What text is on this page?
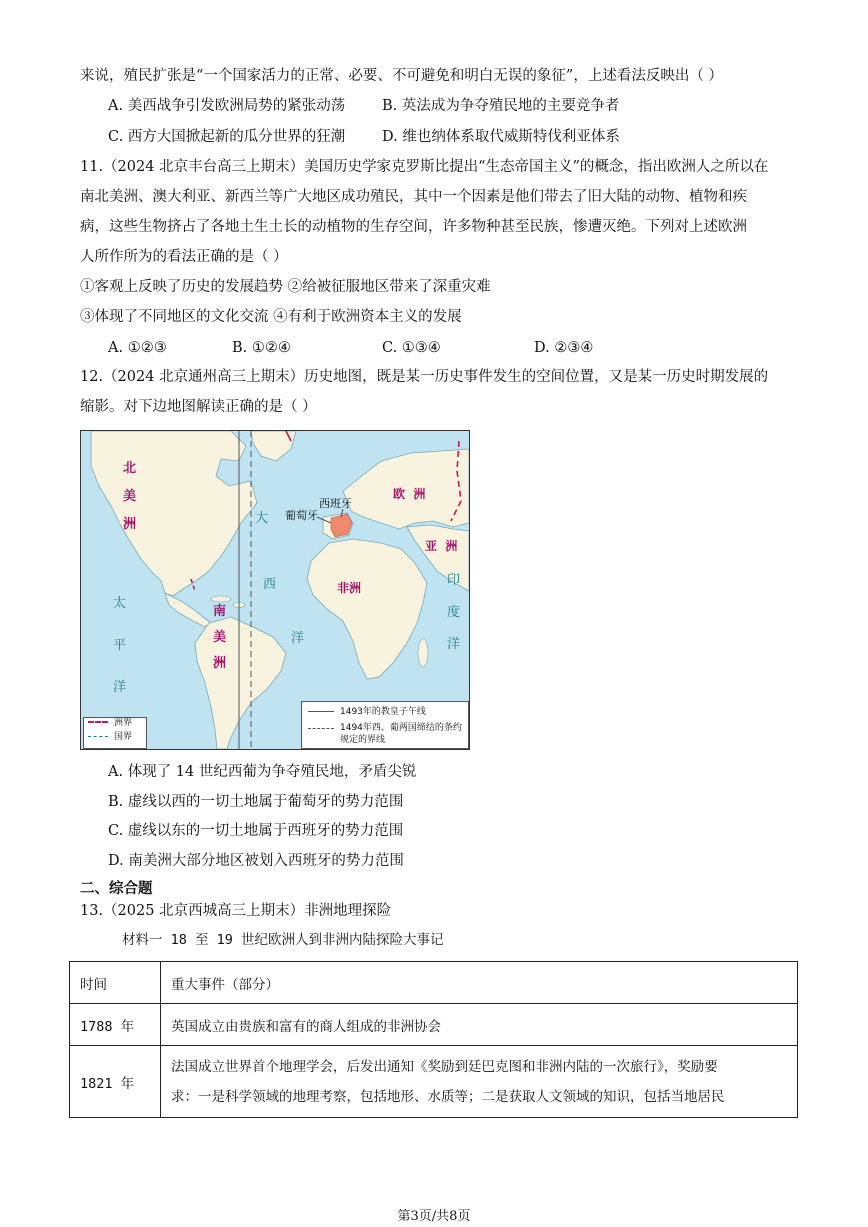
来说，殖民扩张是“一个国家活力的正常、必要、不可避免和明白无误的象征”，上述看法反映出（ ）
A. 美西战争引发欧洲局势的紧张动荡	B. 英法成为争夺殖民地的主要竞争者
C. 西方大国掀起新的瓜分世界的狂潮	D. 维也纳体系取代威斯特伐利亚体系
11.（2024 北京丰台高三上期末）美国历史学家克罗斯比提出“生态帝国主义”的概念，指出欧洲人之所以在
南北美洲、澳大利亚、新西兰等广大地区成功殖民，其中一个因素是他们带去了旧大陆的动物、植物和疾
病，这些生物挤占了各地土生土长的动植物的生存空间，许多物种甚至民族，惨遭灭绝。下列对上述欧洲
人所作所为的看法正确的是（ ）
①客观上反映了历史的发展趋势 ②给被征服地区带来了深重灾难
③体现了不同地区的文化交流 ④有利于欧洲资本主义的发展
A. ①②③	B. ①②④	C. ①③④	D. ②③④
12.（2024 北京通州高三上期末）历史地图，既是某一历史事件发生的空间位置，又是某一历史时期发展的
缩影。对下边地图解读正确的是（ ）
北
美
洲
南
美
洲
太
平
洋
大
西
洋
欧  洲
亚  洲
非洲	印
度
洋
葡萄牙
西班牙
洲界
国界
1493年的教皇子午线
1494年西、葡两国缔结的条约
规定的界线
A. 体现了 14 世纪西葡为争夺殖民地，矛盾尖锐
B. 虚线以西的一切土地属于葡萄牙的势力范围
C. 虚线以东的一切土地属于西班牙的势力范围
D. 南美洲大部分地区被划入西班牙的势力范围
二、综合题
13.（2025 北京西城高三上期末）非洲地理探险
材料一 18 至 19 世纪欧洲人到非洲内陆探险大事记
时间	重大事件（部分）
1788 年	英国成立由贵族和富有的商人组成的非洲协会
1821 年	法国成立世界首个地理学会，后发出通知《奖励到廷巴克图和非洲内陆的一次旅行》，奖励要
求：一是科学领域的地理考察，包括地形、水质等；二是获取人文领域的知识，包括当地居民
第3页/共8页
